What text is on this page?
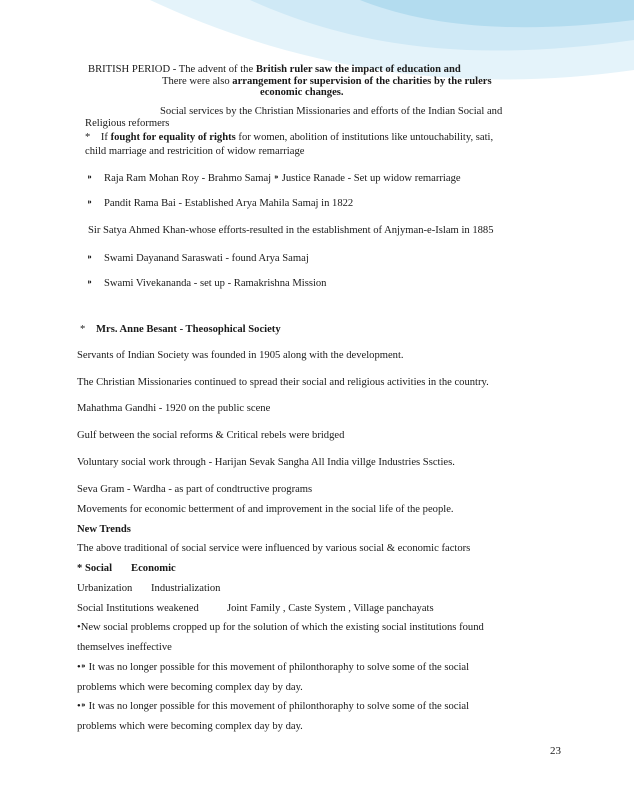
BRITISH PERIOD - The advent of the British ruler saw the impact of education and
There were also arrangement for supervision of the charities by the rulers
economic changes.
Social services by the Christian Missionaries and efforts of the Indian Social and
Religious reformers
* If fought for equality of rights for women, abolition of institutions like untouchability, sati,
child marriage and restricition of widow remarriage
⁍ Raja Ram Mohan Roy - Brahmo Samaj ⁍ Justice Ranade - Set up widow remarriage
⁍ Pandit Rama Bai - Established Arya Mahila Samaj in 1822
Sir Satya Ahmed Khan-whose efforts-resulted in the establishment of Anjyman-e-Islam in 1885
⁍ Swami Dayanand Saraswati - found Arya Samaj
⁍ Swami Vivekananda - set up - Ramakrishna Mission
* Mrs. Anne Besant - Theosophical Society
Servants of Indian Society was founded in 1905 along with the development.
The Christian Missionaries continued to spread their social and religious activities in the country.
Mahathma Gandhi - 1920 on the public scene
Gulf between the social reforms & Critical rebels were bridged
Voluntary social work through - Harijan Sevak Sangha All India villge Industries Sscties.
Seva Gram - Wardha - as part of condtructive programs
Movements for economic betterment of and improvement in the social life of the people.
New Trends
The above traditional of social service were influenced by various social & economic factors
* Social Economic
Urbanization Industrialization
Social Institutions weakened	Joint Family , Caste System , Village panchayats
•New social problems cropped up for the solution of which the existing social institutions found
themselves ineffective
•⁍ It was no longer possible for this movement of philonthoraphy to solve some of the social
problems which were becoming complex day by day.
•⁍ It was no longer possible for this movement of philonthoraphy to solve some of the social
problems which were becoming complex day by day.
23
